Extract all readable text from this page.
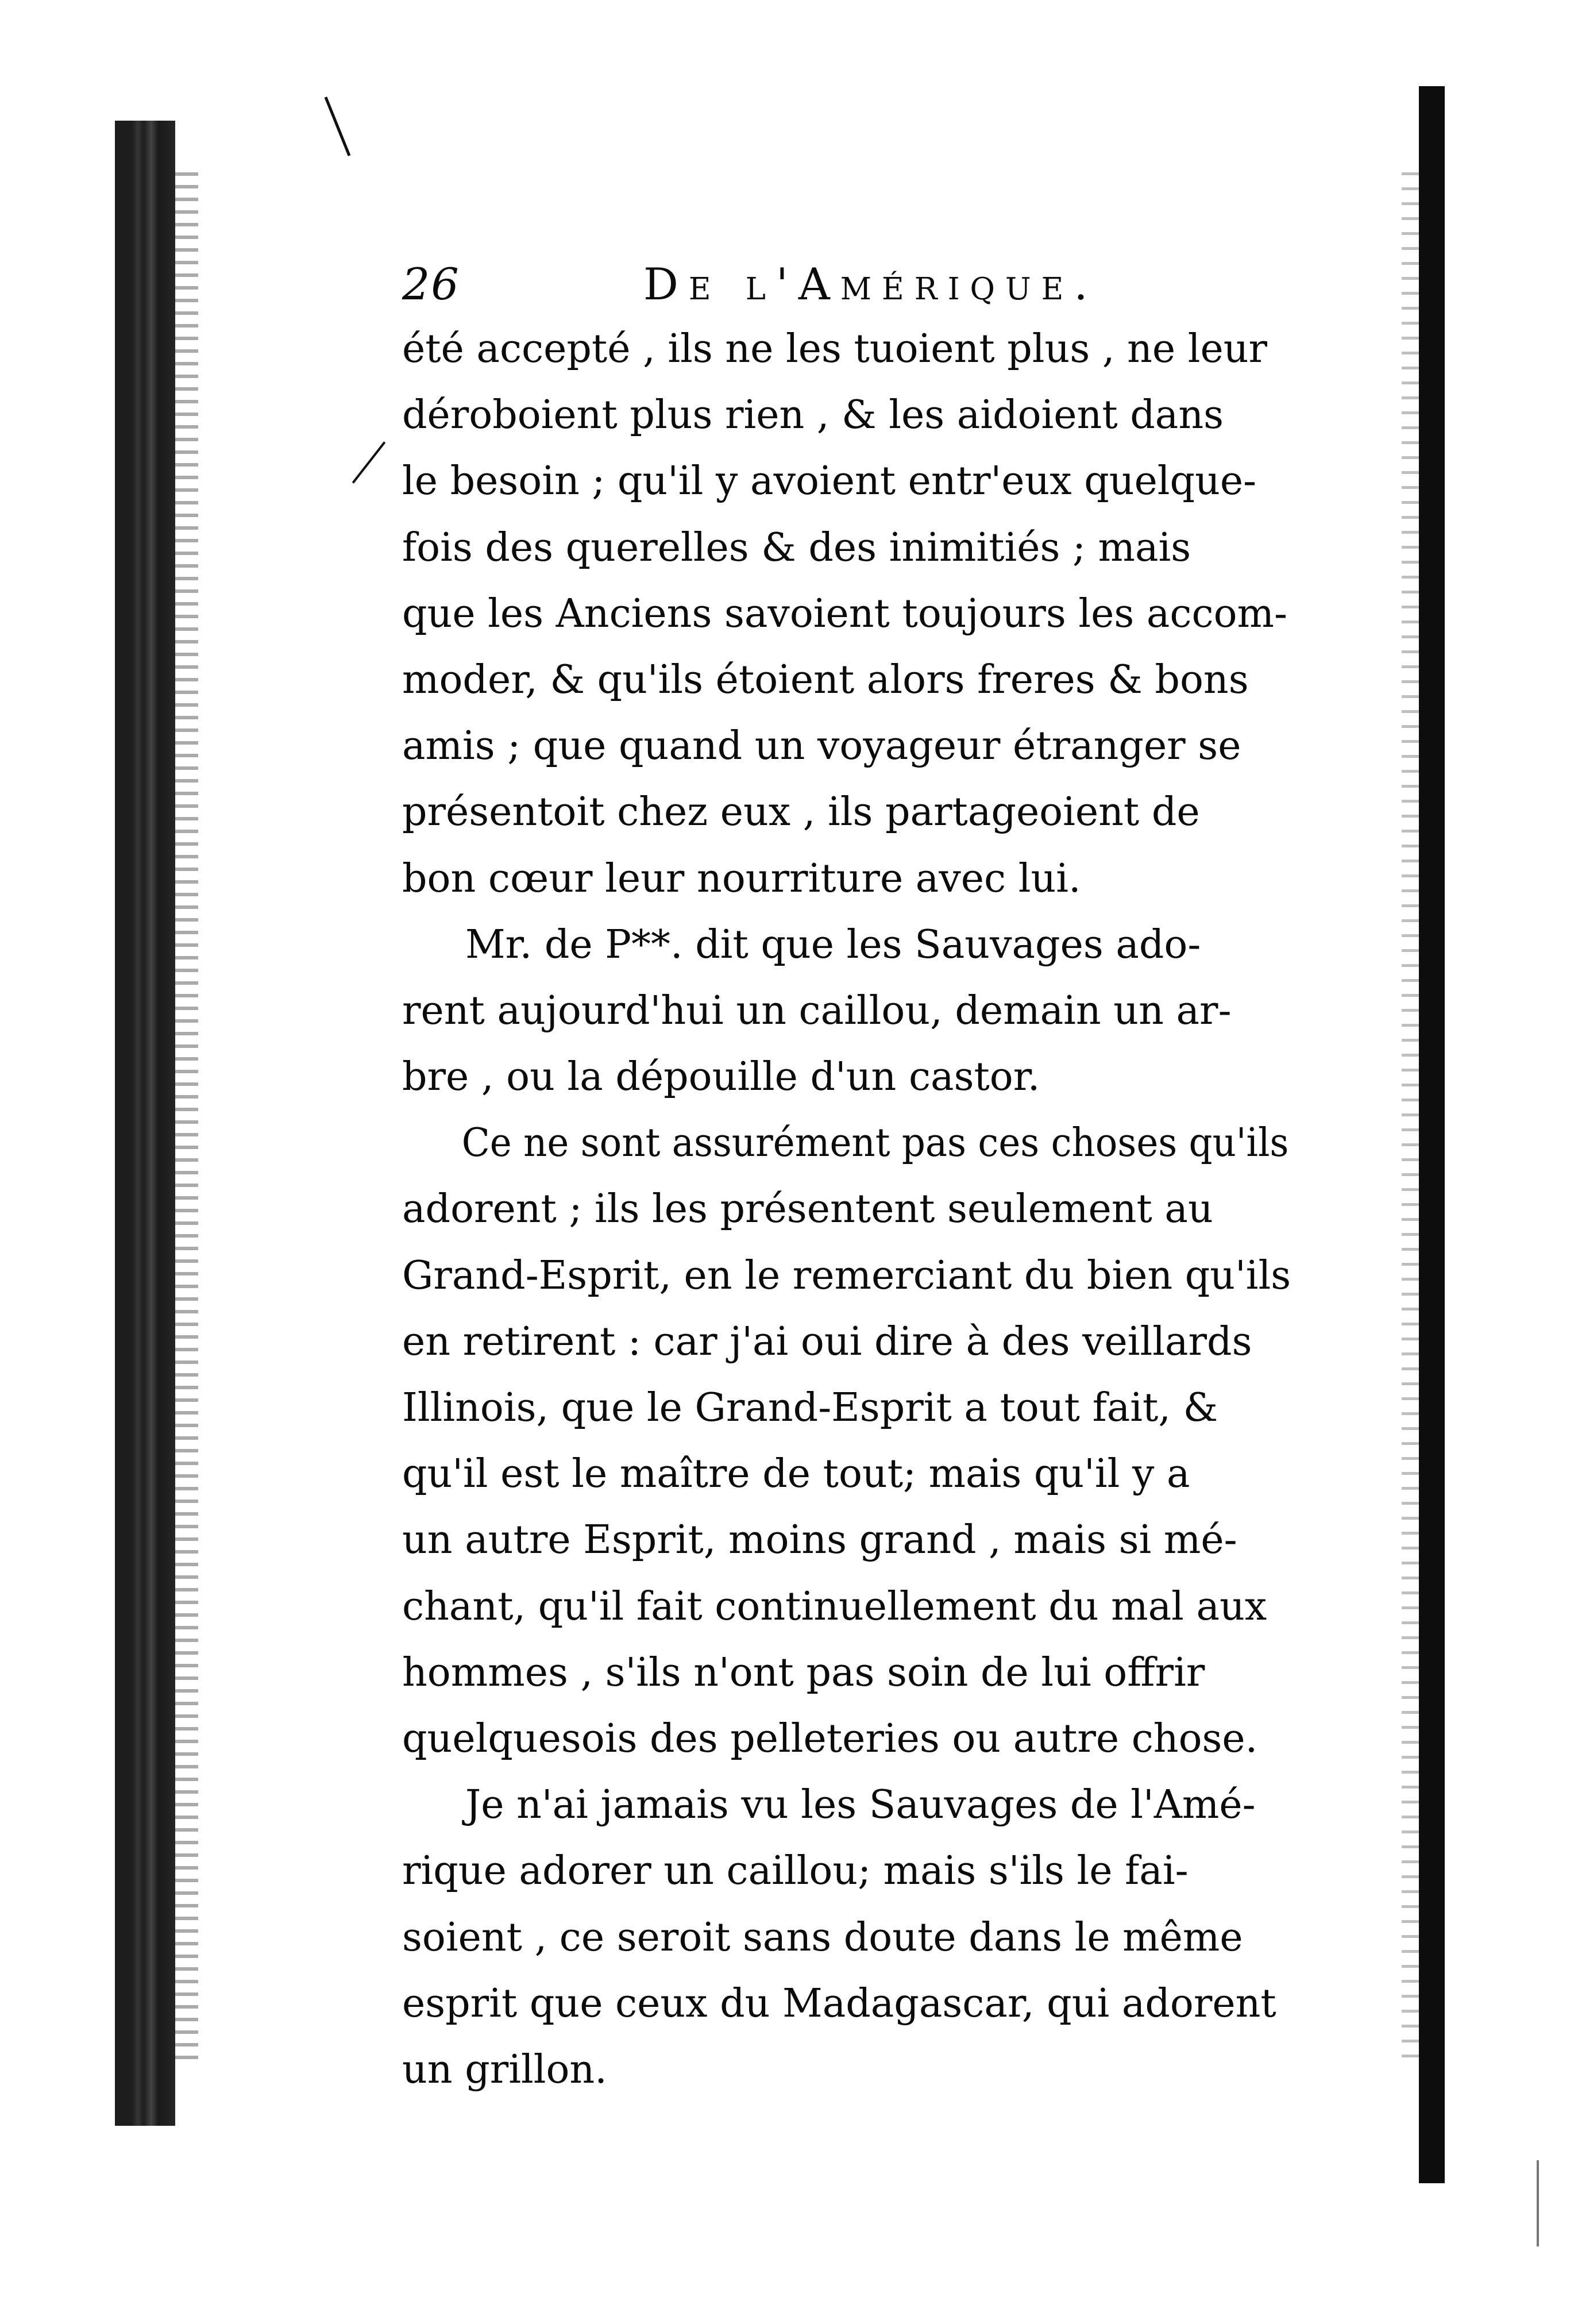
26	De l'Amérique.
été accepté , ils ne les tuoient plus , ne leur
déroboient plus rien , & les aidoient dans
le besoin ; qu'il y avoient entr'eux quelque-
fois des querelles & des inimitiés ; mais
que les Anciens savoient toujours les accom-
moder, & qu'ils étoient alors freres & bons
amis ; que quand un voyageur étranger se
présentoit chez eux , ils partageoient de
bon cœur leur nourriture avec lui.
Mr. de P**. dit que les Sauvages ado-
rent aujourd'hui un caillou, demain un ar-
bre , ou la dépouille d'un castor.
Ce ne sont assurément pas ces choses qu'ils
adorent ; ils les présentent seulement au
Grand-Esprit, en le remerciant du bien qu'ils
en retirent : car j'ai oui dire à des veillards
Illinois, que le Grand-Esprit a tout fait, &
qu'il est le maître de tout; mais qu'il y a
un autre Esprit, moins grand , mais si mé-
chant, qu'il fait continuellement du mal aux
hommes , s'ils n'ont pas soin de lui offrir
quelquesois des pelleteries ou autre chose.
Je n'ai jamais vu les Sauvages de l'Amé-
rique adorer un caillou; mais s'ils le fai-
soient , ce seroit sans doute dans le même
esprit que ceux du Madagascar, qui adorent
un grillon.
